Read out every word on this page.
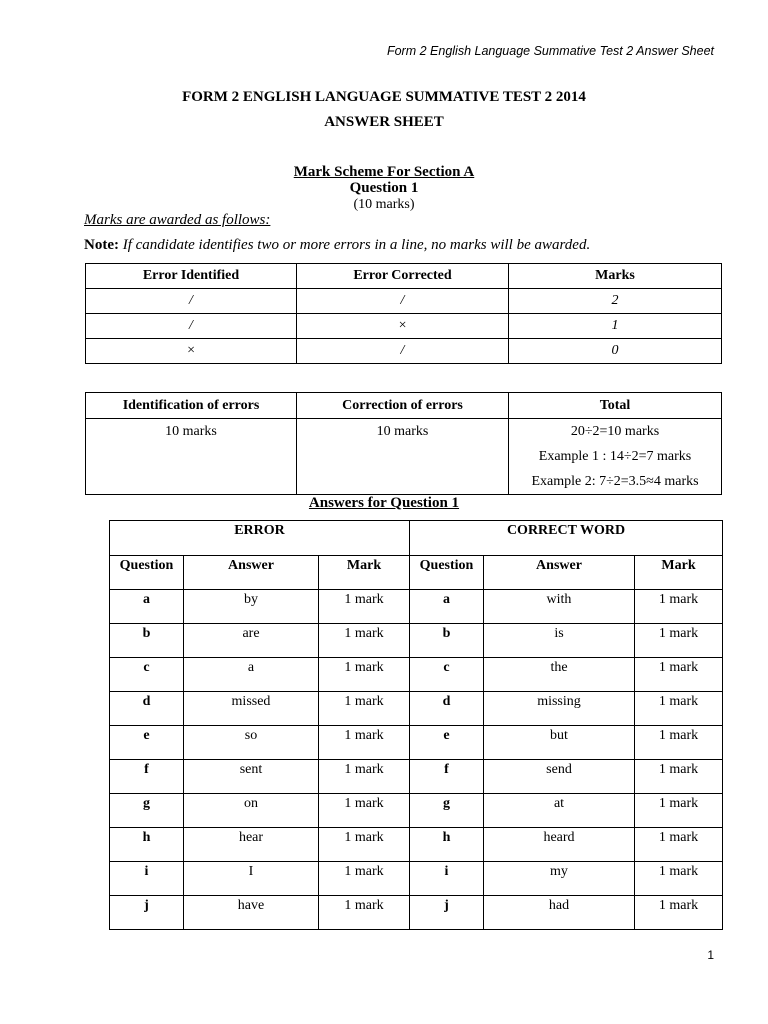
Form 2 English Language Summative Test 2 Answer Sheet
FORM 2 ENGLISH LANGUAGE SUMMATIVE TEST 2 2014
ANSWER SHEET
Mark Scheme For Section A
Question 1
(10 marks)
Marks are awarded as follows:
Note: If candidate identifies two or more errors in a line, no marks will be awarded.
Error Identified	Error Corrected	Marks
/	/	2
/	×	1
×	/	0
Identification of errors	Correction of errors	Total

10 marks	10 marks	20÷2=10 marks
Example 1 : 14÷2=7 marks
Example 2: 7÷2=3.5≈4 marks
Answers for Question 1
ERROR			CORRECT WORD		
Question	Answer	Mark	Question	Answer	Mark
a	by	1 mark	a	with	1 mark
b	are	1 mark	b	is	1 mark
c	a	1 mark	c	the	1 mark
d	missed	1 mark	d	missing	1 mark
e	so	1 mark	e	but	1 mark
f	sent	1 mark	f	send	1 mark
g	on	1 mark	g	at	1 mark
h	hear	1 mark	h	heard	1 mark
i	I	1 mark	i	my	1 mark
j	have	1 mark	j	had	1 mark
1
